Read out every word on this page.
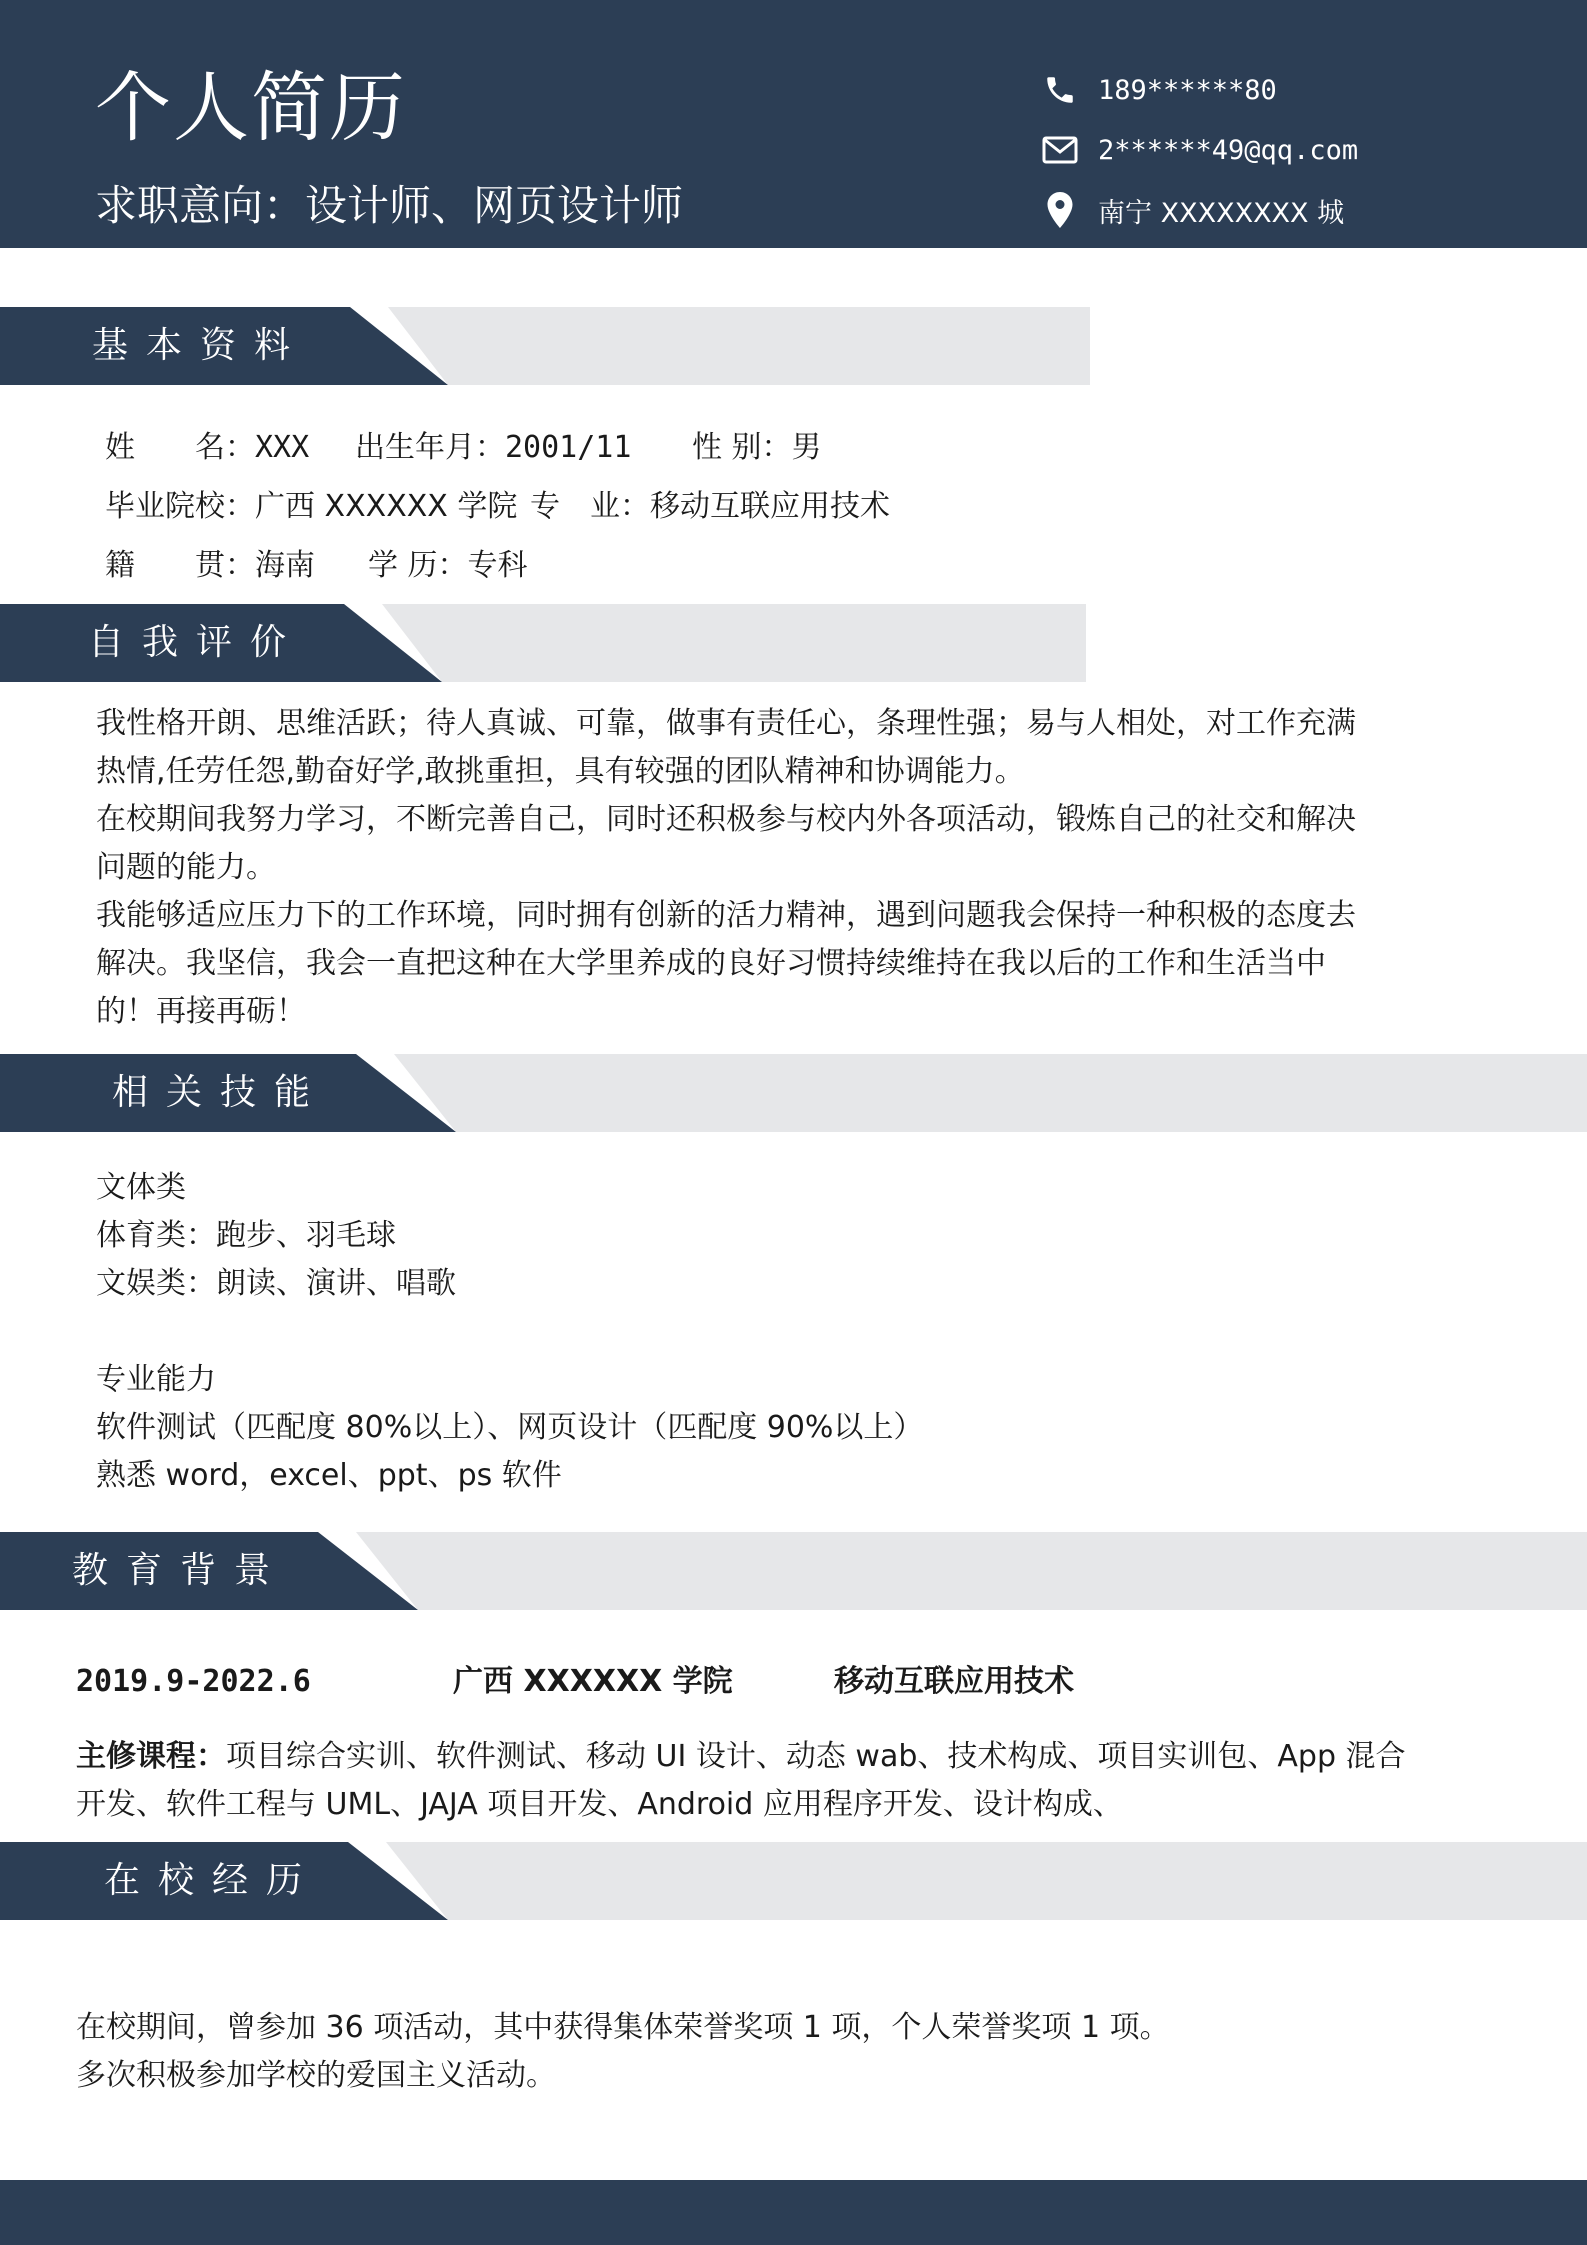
个人简历
求职意向：设计师、网页设计师
189******80
2******49@qq.com
南宁 XXXXXXXX 城
基本资料
姓　　名：XXX 出生年月：2001/11 性 别：男
毕业院校：广西 XXXXXX 学院 专　业：移动互联应用技术
籍　　贯：海南 学 历：专科
自我评价
我性格开朗、思维活跃；待人真诚、可靠，做事有责任心，条理性强；易与人相处，对工作充满
热情,任劳任怨,勤奋好学,敢挑重担，具有较强的团队精神和协调能力。
在校期间我努力学习，不断完善自己，同时还积极参与校内外各项活动，锻炼自己的社交和解决
问题的能力。
我能够适应压力下的工作环境，同时拥有创新的活力精神，遇到问题我会保持一种积极的态度去
解决。我坚信，我会一直把这种在大学里养成的良好习惯持续维持在我以后的工作和生活当中
的！再接再砺！
相关技能
文体类
体育类：跑步、羽毛球
文娱类：朗读、演讲、唱歌
专业能力
软件测试（匹配度 80%以上）、网页设计（匹配度 90%以上）
熟悉 word，excel、ppt、ps 软件
教育背景
2019.9-2022.6	广西 XXXXXX 学院	移动互联应用技术
主修课程：项目综合实训、软件测试、移动 UI 设计、动态 wab、技术构成、项目实训包、App 混合
开发、软件工程与 UML、JAJA 项目开发、Android 应用程序开发、设计构成、
在校经历
在校期间，曾参加 36 项活动，其中获得集体荣誉奖项 1 项，个人荣誉奖项 1 项。
多次积极参加学校的爱国主义活动。
